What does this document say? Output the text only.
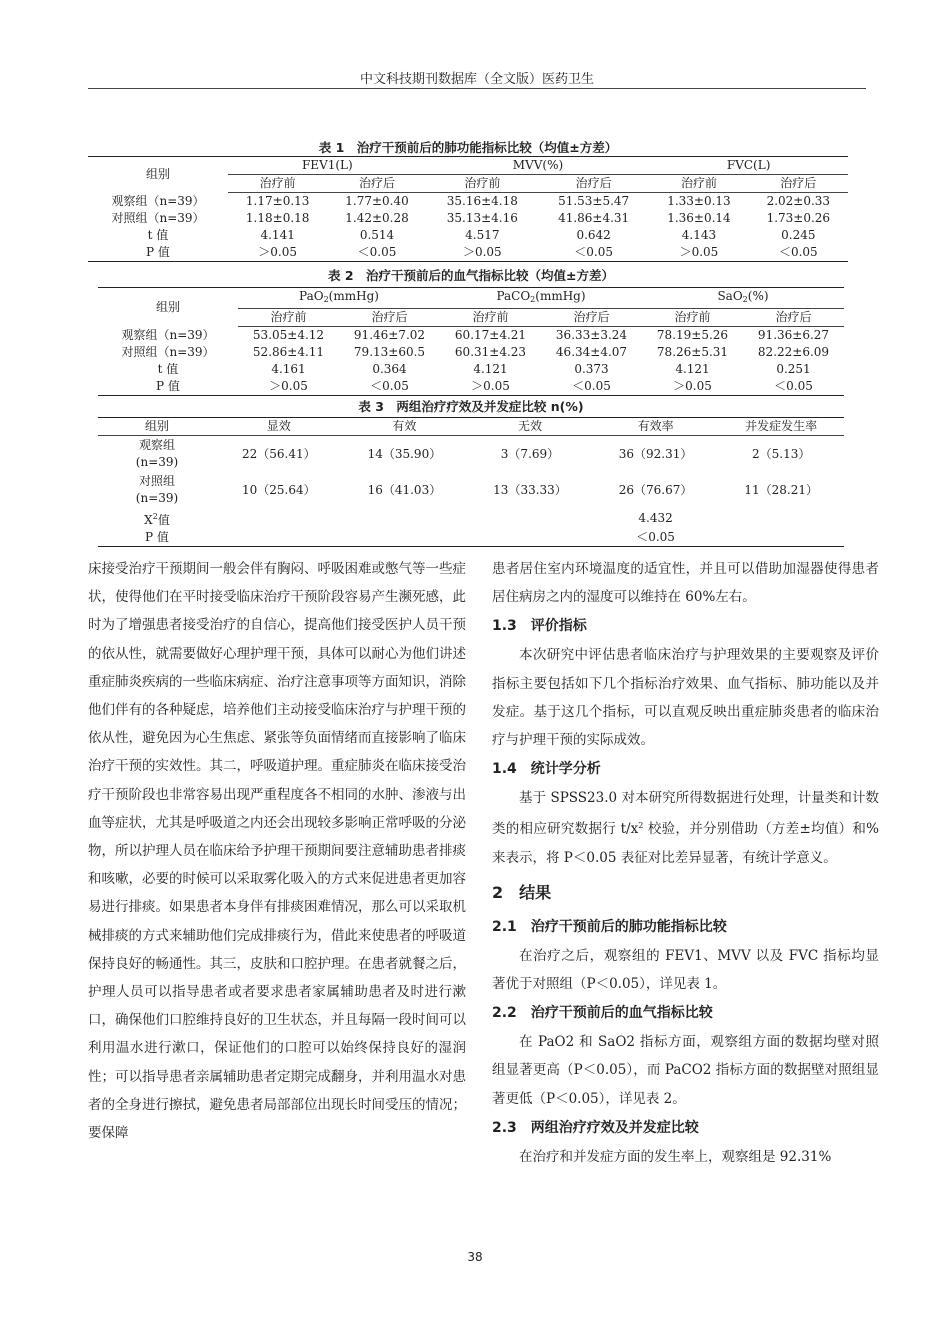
中文科技期刊数据库（全文版）医药卫生
表 1　治疗干预前后的肺功能指标比较（均值±方差）
组别	FEV1(L)		MVV(%)		FVC(L)	
	治疗前	治疗后	治疗前	治疗后	治疗前	治疗后
观察组（n=39）	1.17±0.13	1.77±0.40	35.16±4.18	51.53±5.47	1.33±0.13	2.02±0.33
对照组（n=39）	1.18±0.18	1.42±0.28	35.13±4.16	41.86±4.31	1.36±0.14	1.73±0.26
t 值	4.141	0.514	4.517	0.642	4.143	0.245
P 值	＞0.05	＜0.05	＞0.05	＜0.05	＞0.05	＜0.05
表 2　治疗干预前后的血气指标比较（均值±方差）
组别	PaO$_2$(mmHg)		PaCO$_2$(mmHg)		SaO$_2$(%)	
	治疗前	治疗后	治疗前	治疗后	治疗前	治疗后
观察组（n=39）	53.05±4.12	91.46±7.02	60.17±4.21	36.33±3.24	78.19±5.26	91.36±6.27
对照组（n=39）	52.86±4.11	79.13±60.5	60.31±4.23	46.34±4.07	78.26±5.31	82.22±6.09
t 值	4.161	0.364	4.121	0.373	4.121	0.251
P 值	＞0.05	＜0.05	＞0.05	＜0.05	＞0.05	＜0.05
表 3　两组治疗疗效及并发症比较 n(%)
组别	显效	有效	无效	有效率	并发症发生率
观察组
(n=39)	22（56.41）	14（35.90）	3（7.69）	36（92.31）	2（5.13）
对照组
(n=39)	10（25.64）	16（41.03）	13（33.33）	26（76.67）	11（28.21）
$X^2$值				4.432	
P 值				＜0.05	

床接受治疗干预期间一般会伴有胸闷、呼吸困难或憋气等一些症状，使得他们在平时接受临床治疗干预阶段容易产生濒死感，此时为了增强患者接受治疗的自信心，提高他们接受医护人员干预的依从性，就需要做好心理护理干预，具体可以耐心为他们讲述重症肺炎疾病的一些临床病症、治疗注意事项等方面知识，消除他们伴有的各种疑虑，培养他们主动接受临床治疗与护理干预的依从性，避免因为心生焦虑、紧张等负面情绪而直接影响了临床治疗干预的实效性。其二，呼吸道护理。重症肺炎在临床接受治疗干预阶段也非常容易出现严重程度各不相同的水肿、渗液与出血等症状，尤其是呼吸道之内还会出现较多影响正常呼吸的分泌物，所以护理人员在临床给予护理干预期间要注意辅助患者排痰和咳嗽，必要的时候可以采取雾化吸入的方式来促进患者更加容易进行排痰。如果患者本身伴有排痰困难情况，那么可以采取机械排痰的方式来辅助他们完成排痰行为，借此来使患者的呼吸道保持良好的畅通性。其三，皮肤和口腔护理。在患者就餐之后，护理人员可以指导患者或者要求患者家属辅助患者及时进行漱口，确保他们口腔维持良好的卫生状态，并且每隔一段时间可以利用温水进行漱口，保证他们的口腔可以始终保持良好的湿润性；可以指导患者亲属辅助患者定期完成翻身，并利用温水对患者的全身进行擦拭，避免患者局部部位出现长时间受压的情况；要保障

患者居住室内环境温度的适宜性，并且可以借助加湿器使得患者居住病房之内的湿度可以维持在 60%左右。

1.3　评价指标

本次研究中评估患者临床治疗与护理效果的主要观察及评价指标主要包括如下几个指标治疗效果、血气指标、肺功能以及并发症。基于这几个指标，可以直观反映出重症肺炎患者的临床治疗与护理干预的实际成效。

1.4　统计学分析

基于 SPSS23.0 对本研究所得数据进行处理，计量类和计数类的相应研究数据行 $t/x^2$ 校验，并分别借助（方差±均值）和%来表示，将 P＜0.05 表征对比差异显著，有统计学意义。

2　结果

2.1　治疗干预前后的肺功能指标比较

在治疗之后，观察组的 FEV1、MVV 以及 FVC 指标均显著优于对照组（P＜0.05），详见表 1。

2.2　治疗干预前后的血气指标比较

在 PaO2 和 SaO2 指标方面，观察组方面的数据均壁对照组显著更高（P＜0.05），而 PaCO2 指标方面的数据壁对照组显著更低（P＜0.05），详见表 2。

2.3　两组治疗疗效及并发症比较

在治疗和并发症方面的发生率上，观察组是 92.31%

38
